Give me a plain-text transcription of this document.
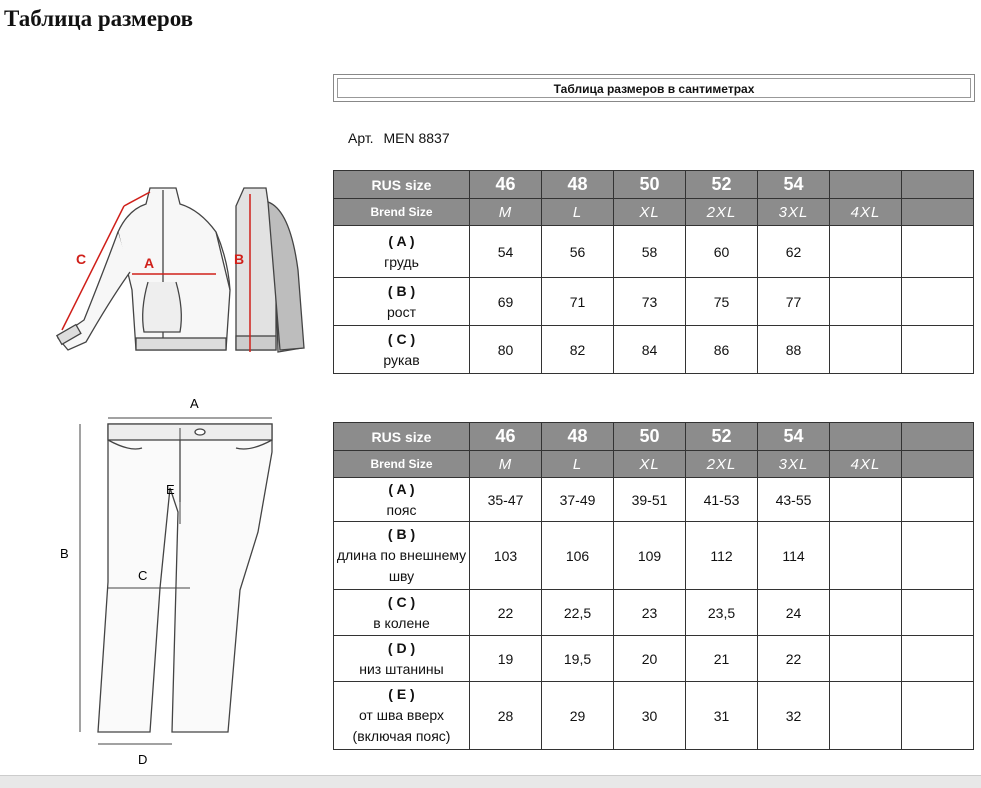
Таблица размеров
Таблица размеров в сантиметрах
Арт. MEN 8837
A	B
C
A
B
C
D
E
RUS size	46	48	50	52	54		
Brend Size	M	L	XL	2XL	3XL	4XL	

( A )
грудь	54	56	58	60	62		

( B )
рост	69	71	73	75	77		

( C )
рукав	80	82	84	86	88		
RUS size	46	48	50	52	54		
Brend Size	M	L	XL	2XL	3XL	4XL	

( A )
пояс	35-47	37-49	39-51	41-53	43-55		

( B )
длина по внешнему шву	103	106	109	112	114		

( C )
в колене	22	22,5	23	23,5	24		

( D )
низ штанины	19	19,5	20	21	22		

( E )
от шва вверх (включая пояс)	28	29	30	31	32		
